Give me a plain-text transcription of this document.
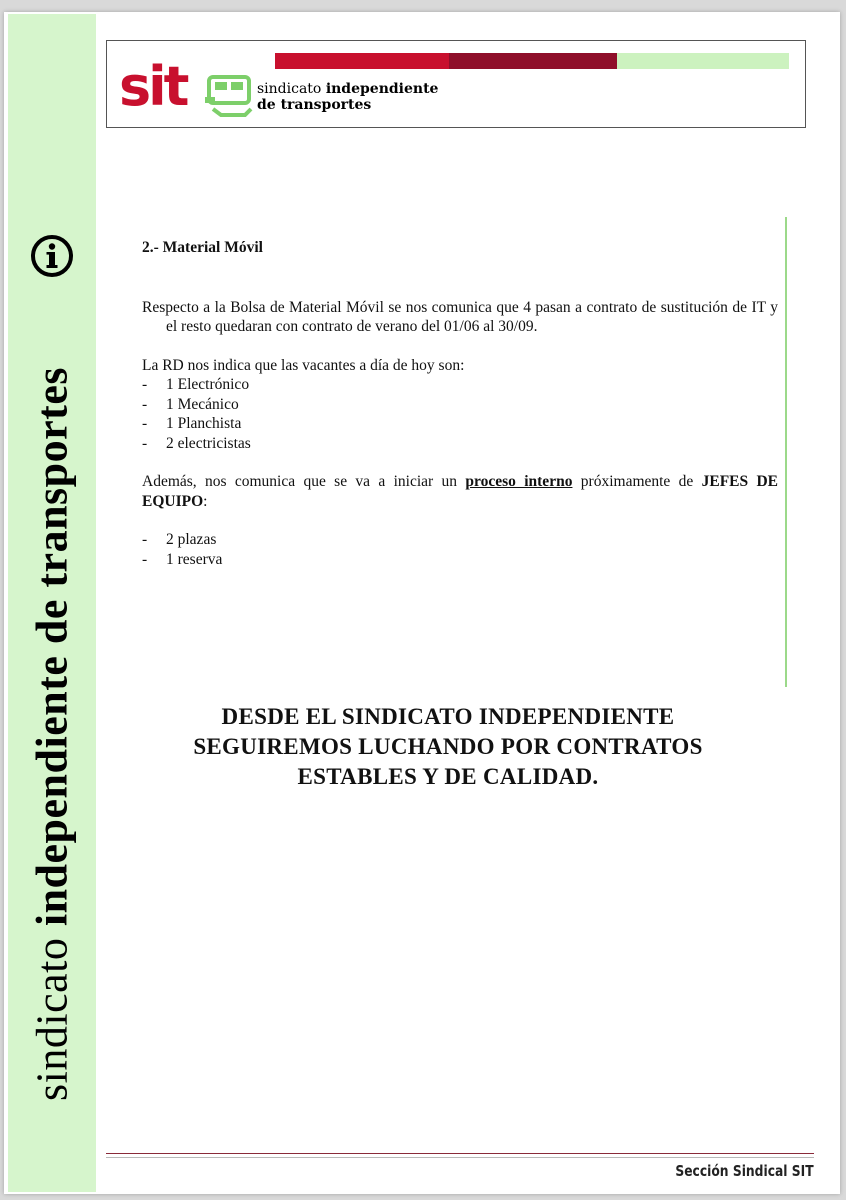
sindicato independiente de transportes
sit	sindicato independiente
de transportes
2.- Material Móvil

Respecto a la Bolsa de Material Móvil se nos comunica que 4 pasan a contrato de sustitución de IT y el resto quedaran con contrato de verano del 01/06 al 30/09.

La RD nos indica que las vacantes a día de hoy son:

-	1 Electrónico
-	1 Mecánico
-	1 Planchista
-	2 electricistas

Además, nos comunica que se va a iniciar un proceso interno próximamente de JEFES DE EQUIPO:

-	2 plazas
-	1 reserva
DESDE EL SINDICATO INDEPENDIENTE
SEGUIREMOS LUCHANDO POR CONTRATOS
ESTABLES Y DE CALIDAD.
Sección Sindical SIT
